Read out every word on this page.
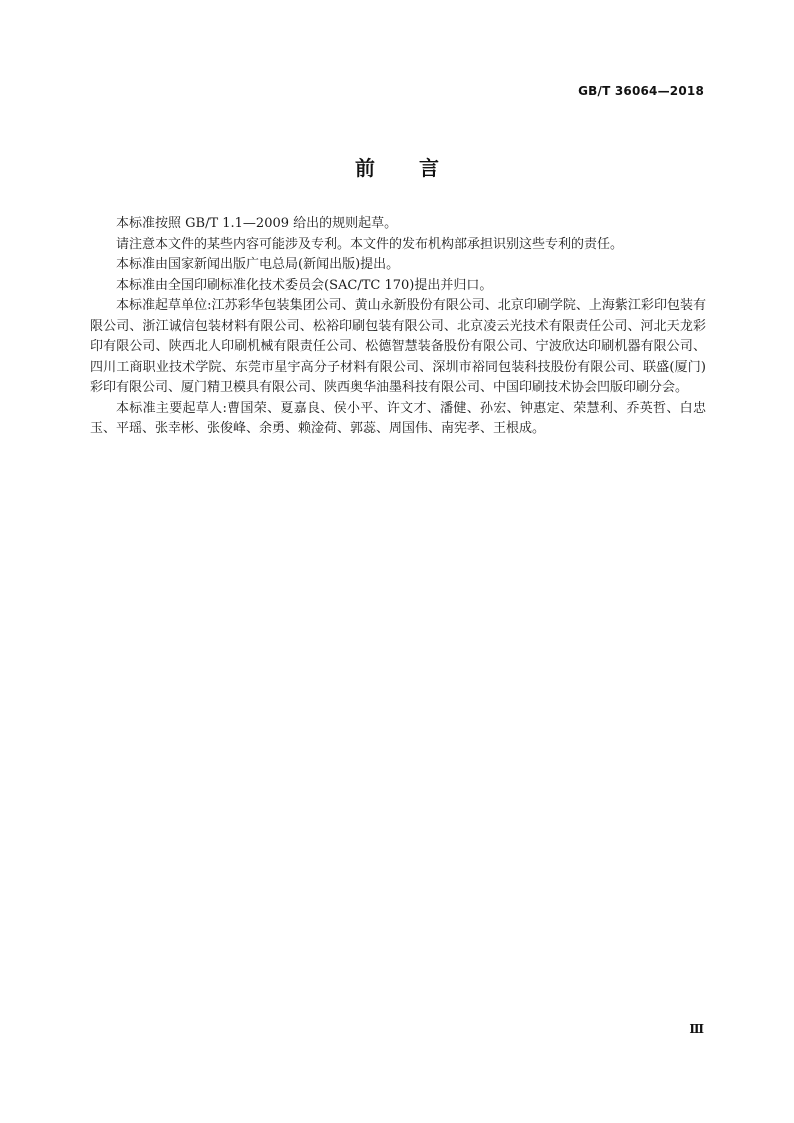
GB/T 36064—2018
前言

本标准按照 GB/T 1.1—2009 给出的规则起草。

请注意本文件的某些内容可能涉及专利。本文件的发布机构部承担识别这些专利的责任。

本标准由国家新闻出版广电总局(新闻出版)提出。

本标准由全国印刷标准化技术委员会(SAC/TC 170)提出并归口。

本标准起草单位:江苏彩华包装集团公司、黄山永新股份有限公司、北京印刷学院、上海紫江彩印包装有限公司、浙江诚信包装材料有限公司、松裕印刷包装有限公司、北京凌云光技术有限责任公司、河北天龙彩印有限公司、陕西北人印刷机械有限责任公司、松德智慧装备股份有限公司、宁波欣达印刷机器有限公司、四川工商职业技术学院、东莞市星宇高分子材料有限公司、深圳市裕同包装科技股份有限公司、联盛(厦门)彩印有限公司、厦门精卫模具有限公司、陕西奥华油墨科技有限公司、中国印刷技术协会凹版印刷分会。

本标准主要起草人:曹国荣、夏嘉良、侯小平、许文才、潘健、孙宏、钟惠定、荣慧利、乔英哲、白忠玉、平瑶、张幸彬、张俊峰、余勇、赖淦荷、郭蕊、周国伟、南宪孝、王根成。

Ⅲ
